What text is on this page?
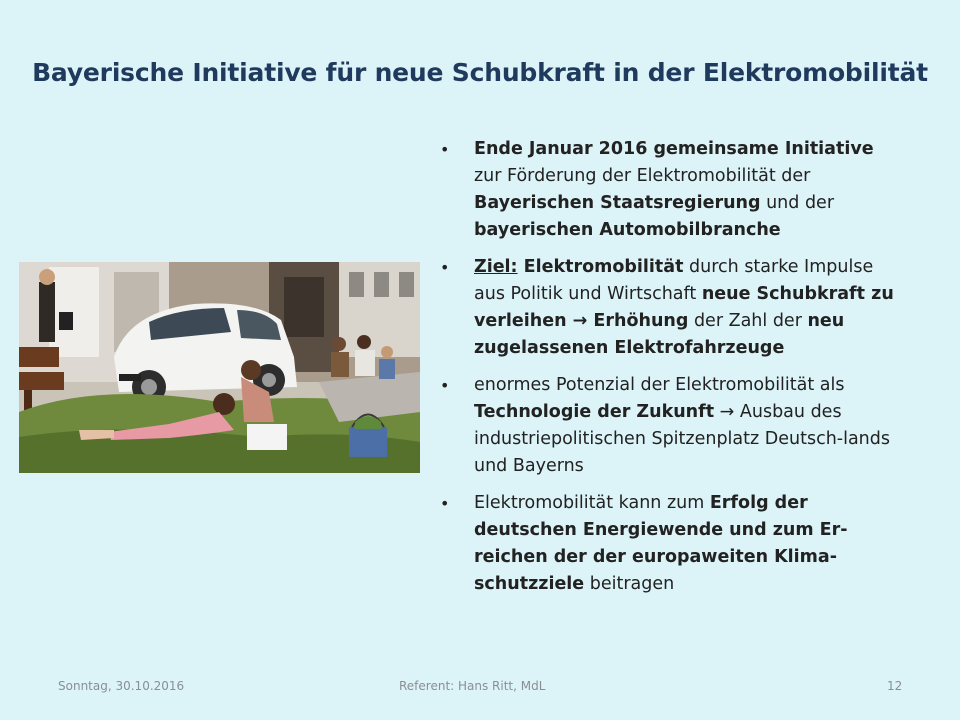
Bayerische Initiative für neue Schubkraft in der Elektromobilität
• Ende Januar 2016 gemeinsame Initiative zur Förderung der Elektromobilität der Bayerischen Staatsregierung und der bayerischen Automobilbranche
• Ziel: Elektromobilität durch starke Impulse aus Politik und Wirtschaft neue Schubkraft zu verleihen → Erhöhung der Zahl der neu zugelassenen Elektrofahrzeuge
• enormes Potenzial der Elektromobilität als Technologie der Zukunft → Ausbau des industriepolitischen Spitzenplatz Deutsch-lands und Bayerns
• Elektromobilität kann zum Erfolg der deutschen Energiewende und zum Er-reichen der der europaweiten Klima-schutzziele beitragen
Sonntag, 30.10.2016	Referent: Hans Ritt, MdL	12
